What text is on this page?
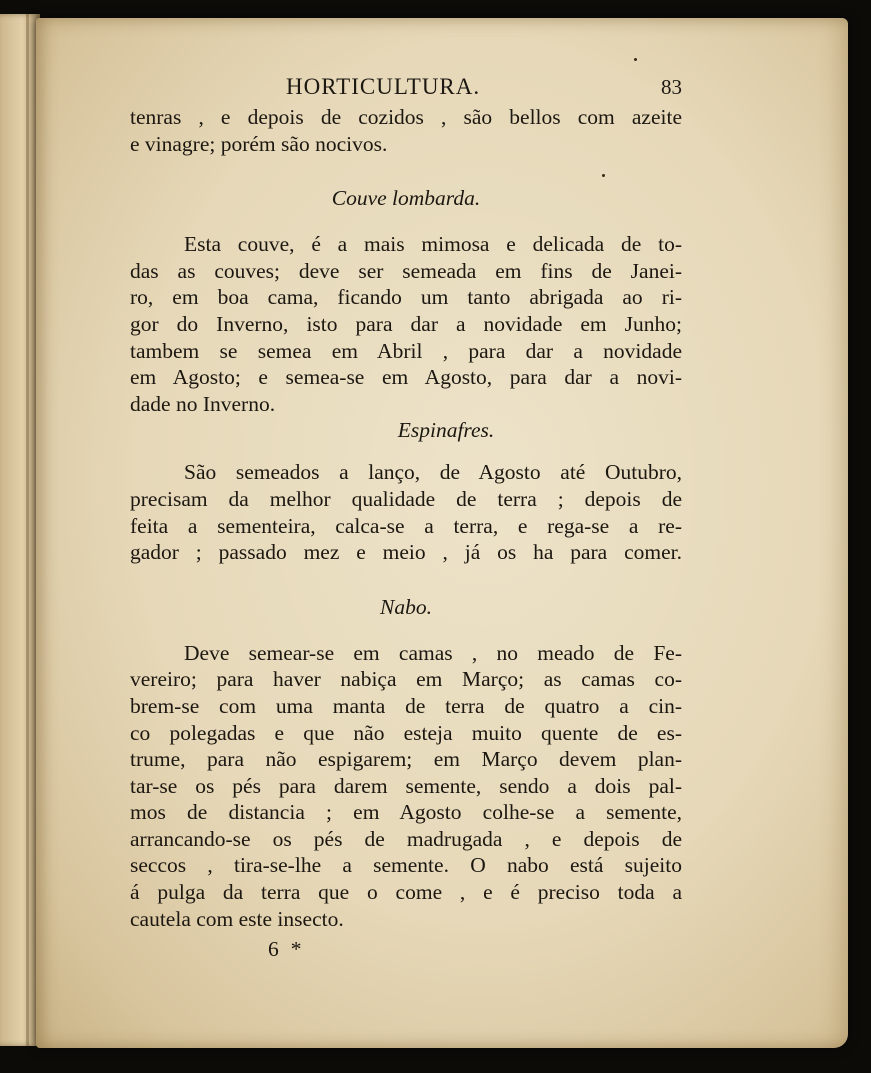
HORTICULTURA.	83
tenras , e depois de cozidos , são bellos com azeite
e vinagre; porém são nocivos.
Couve lombarda.
Esta couve, é a mais mimosa e delicada de to-
das as couves; deve ser semeada em fins de Janei-
ro, em boa cama, ficando um tanto abrigada ao ri-
gor do Inverno, isto para dar a novidade em Junho;
tambem se semea em Abril , para dar a novidade
em Agosto; e semea-se em Agosto, para dar a novi-
dade no Inverno.
Espinafres.
São semeados a lanço, de Agosto até Outubro,
precisam da melhor qualidade de terra ; depois de
feita a sementeira, calca-se a terra, e rega-se a re-
gador ; passado mez e meio , já os ha para comer.
Nabo.
Deve semear-se em camas , no meado de Fe-
vereiro; para haver nabiça em Março; as camas co-
brem-se com uma manta de terra de quatro a cin-
co polegadas e que não esteja muito quente de es-
trume, para não espigarem; em Março devem plan-
tar-se os pés para darem semente, sendo a dois pal-
mos de distancia ; em Agosto colhe-se a semente,
arrancando-se os pés de madrugada , e depois de
seccos , tira-se-lhe a semente. O nabo está sujeito
á pulga da terra que o come , e é preciso toda a
cautela com este insecto.
6 *
